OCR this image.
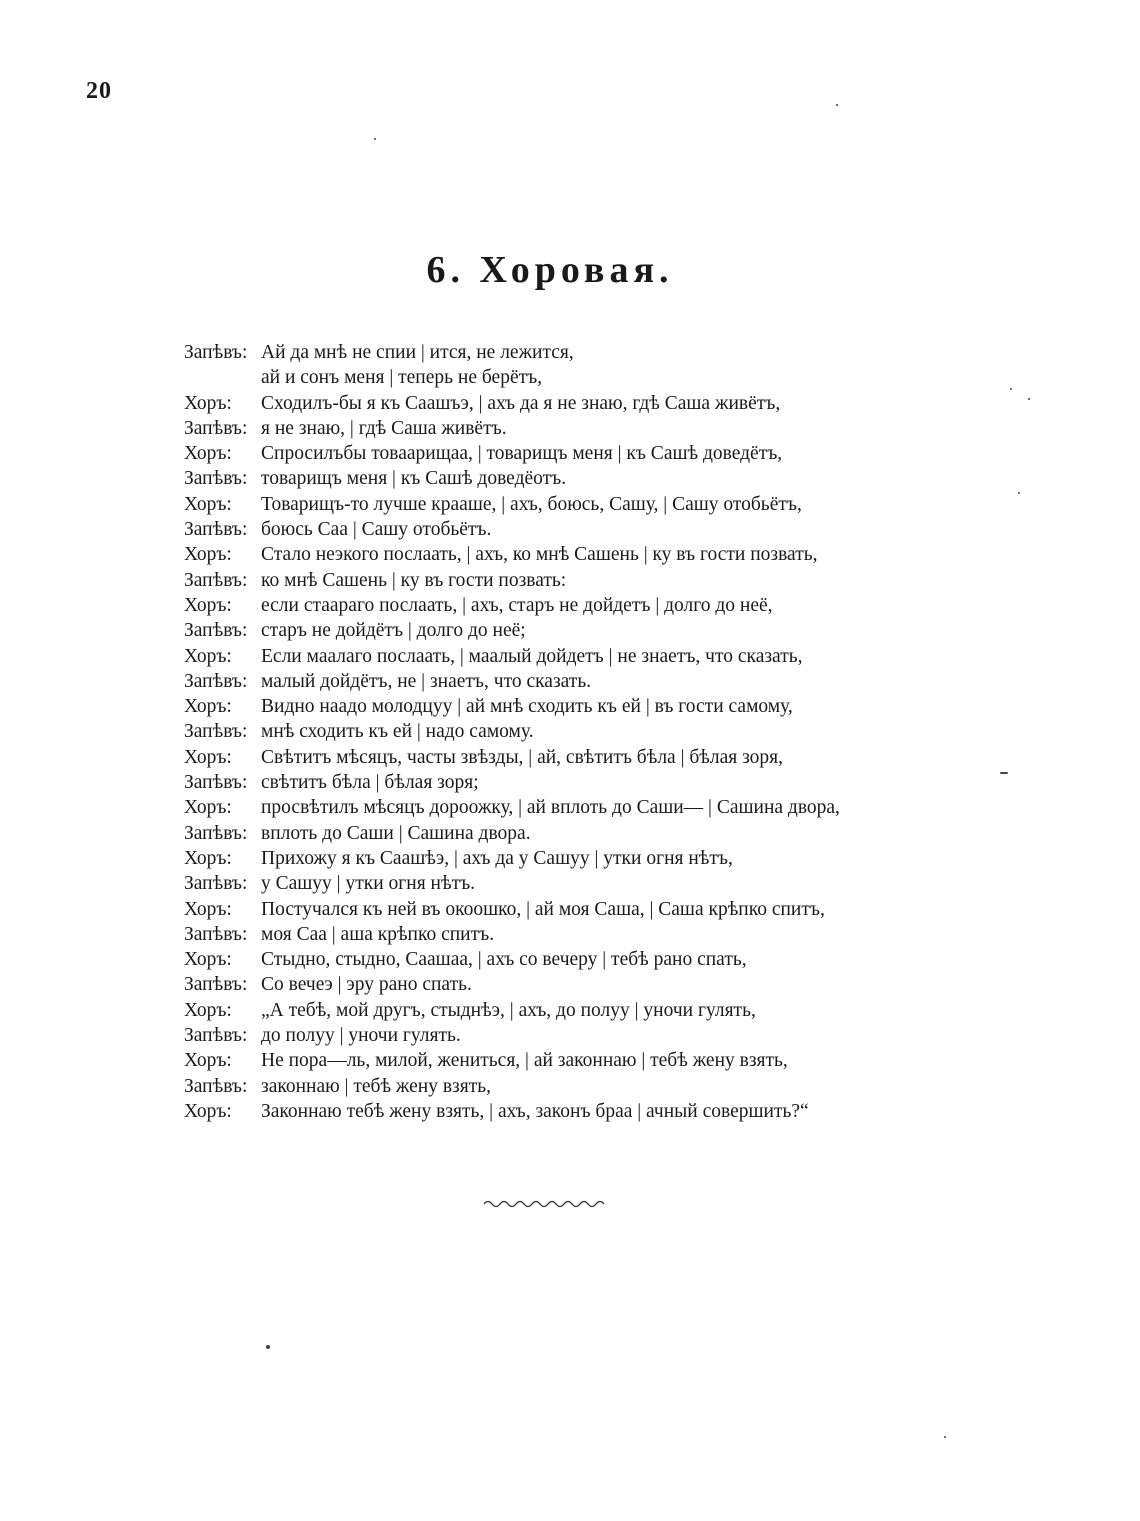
20
6. Хоровая.
Запѣвъ: Ай да мнѣ не спии | ится, не лежится,
ай и сонъ меня | теперь не берётъ,
Хоръ:	Сходилъ-бы я къ Саашъэ, | ахъ да я не знаю, гдѣ Саша живётъ,
Запѣвъ: я не знаю, | гдѣ Саша живётъ.
Хоръ:	Спросилъбы товаарищаа, | товарищъ меня | къ Сашѣ доведётъ,
Запѣвъ: товарищъ меня | къ Сашѣ доведёотъ.
Хоръ:	Товарищъ-то лучше крааше, | ахъ, боюсь, Сашу, | Сашу отобьётъ,
Запѣвъ: боюсь Саа | Сашу отобьётъ.
Хоръ:	Стало неэкого послаать, | ахъ, ко мнѣ Сашень | ку въ гости позвать,
Запѣвъ: ко мнѣ Сашень | ку въ гости позвать:
Хоръ:	если стаараго послаать, | ахъ, старъ не дойдетъ | долго до неё,
Запѣвъ: старъ не дойдётъ | долго до неё;
Хоръ:	Если маалаго послаать, | маалый дойдетъ | не знаетъ, что сказать,
Запѣвъ: малый дойдётъ, не | знаетъ, что сказать.
Хоръ:	Видно наадо молодцуу | ай мнѣ сходить къ ей | въ гости самому,
Запѣвъ: мнѣ сходить къ ей | надо самому.
Хоръ:	Свѣтитъ мѣсяцъ, часты звѣзды, | ай, свѣтитъ бѣла | бѣлая зоря,
Запѣвъ: свѣтитъ бѣла | бѣлая зоря;
Хоръ:	просвѣтилъ мѣсяцъ дороожку, | ай вплоть до Саши— | Сашина двора,
Запѣвъ: вплоть до Саши | Сашина двора.
Хоръ:	Прихожу я къ Саашѣэ, | ахъ да у Сашуу | утки огня нѣтъ,
Запѣвъ: у Сашуу | утки огня нѣтъ.
Хоръ:	Постучался къ ней въ окоошко, | ай моя Саша, | Саша крѣпко спитъ,
Запѣвъ: моя Саа | аша крѣпко спитъ.
Хоръ:	Стыдно, стыдно, Саашаа, | ахъ со вечеру | тебѣ рано спать,
Запѣвъ: Со вечеэ | эру рано спать.
Хоръ:	„А тебѣ, мой другъ, стыднѣэ, | ахъ, до полуу | уночи гулять,
Запѣвъ: до полуу | уночи гулять.
Хоръ:	Не пора—ль, милой, жениться, | ай законнаю | тебѣ жену взять,
Запѣвъ: законнаю | тебѣ жену взять,
Хоръ:	Законнаю тебѣ жену взять, | ахъ, законъ браа | ачный совершить?“
